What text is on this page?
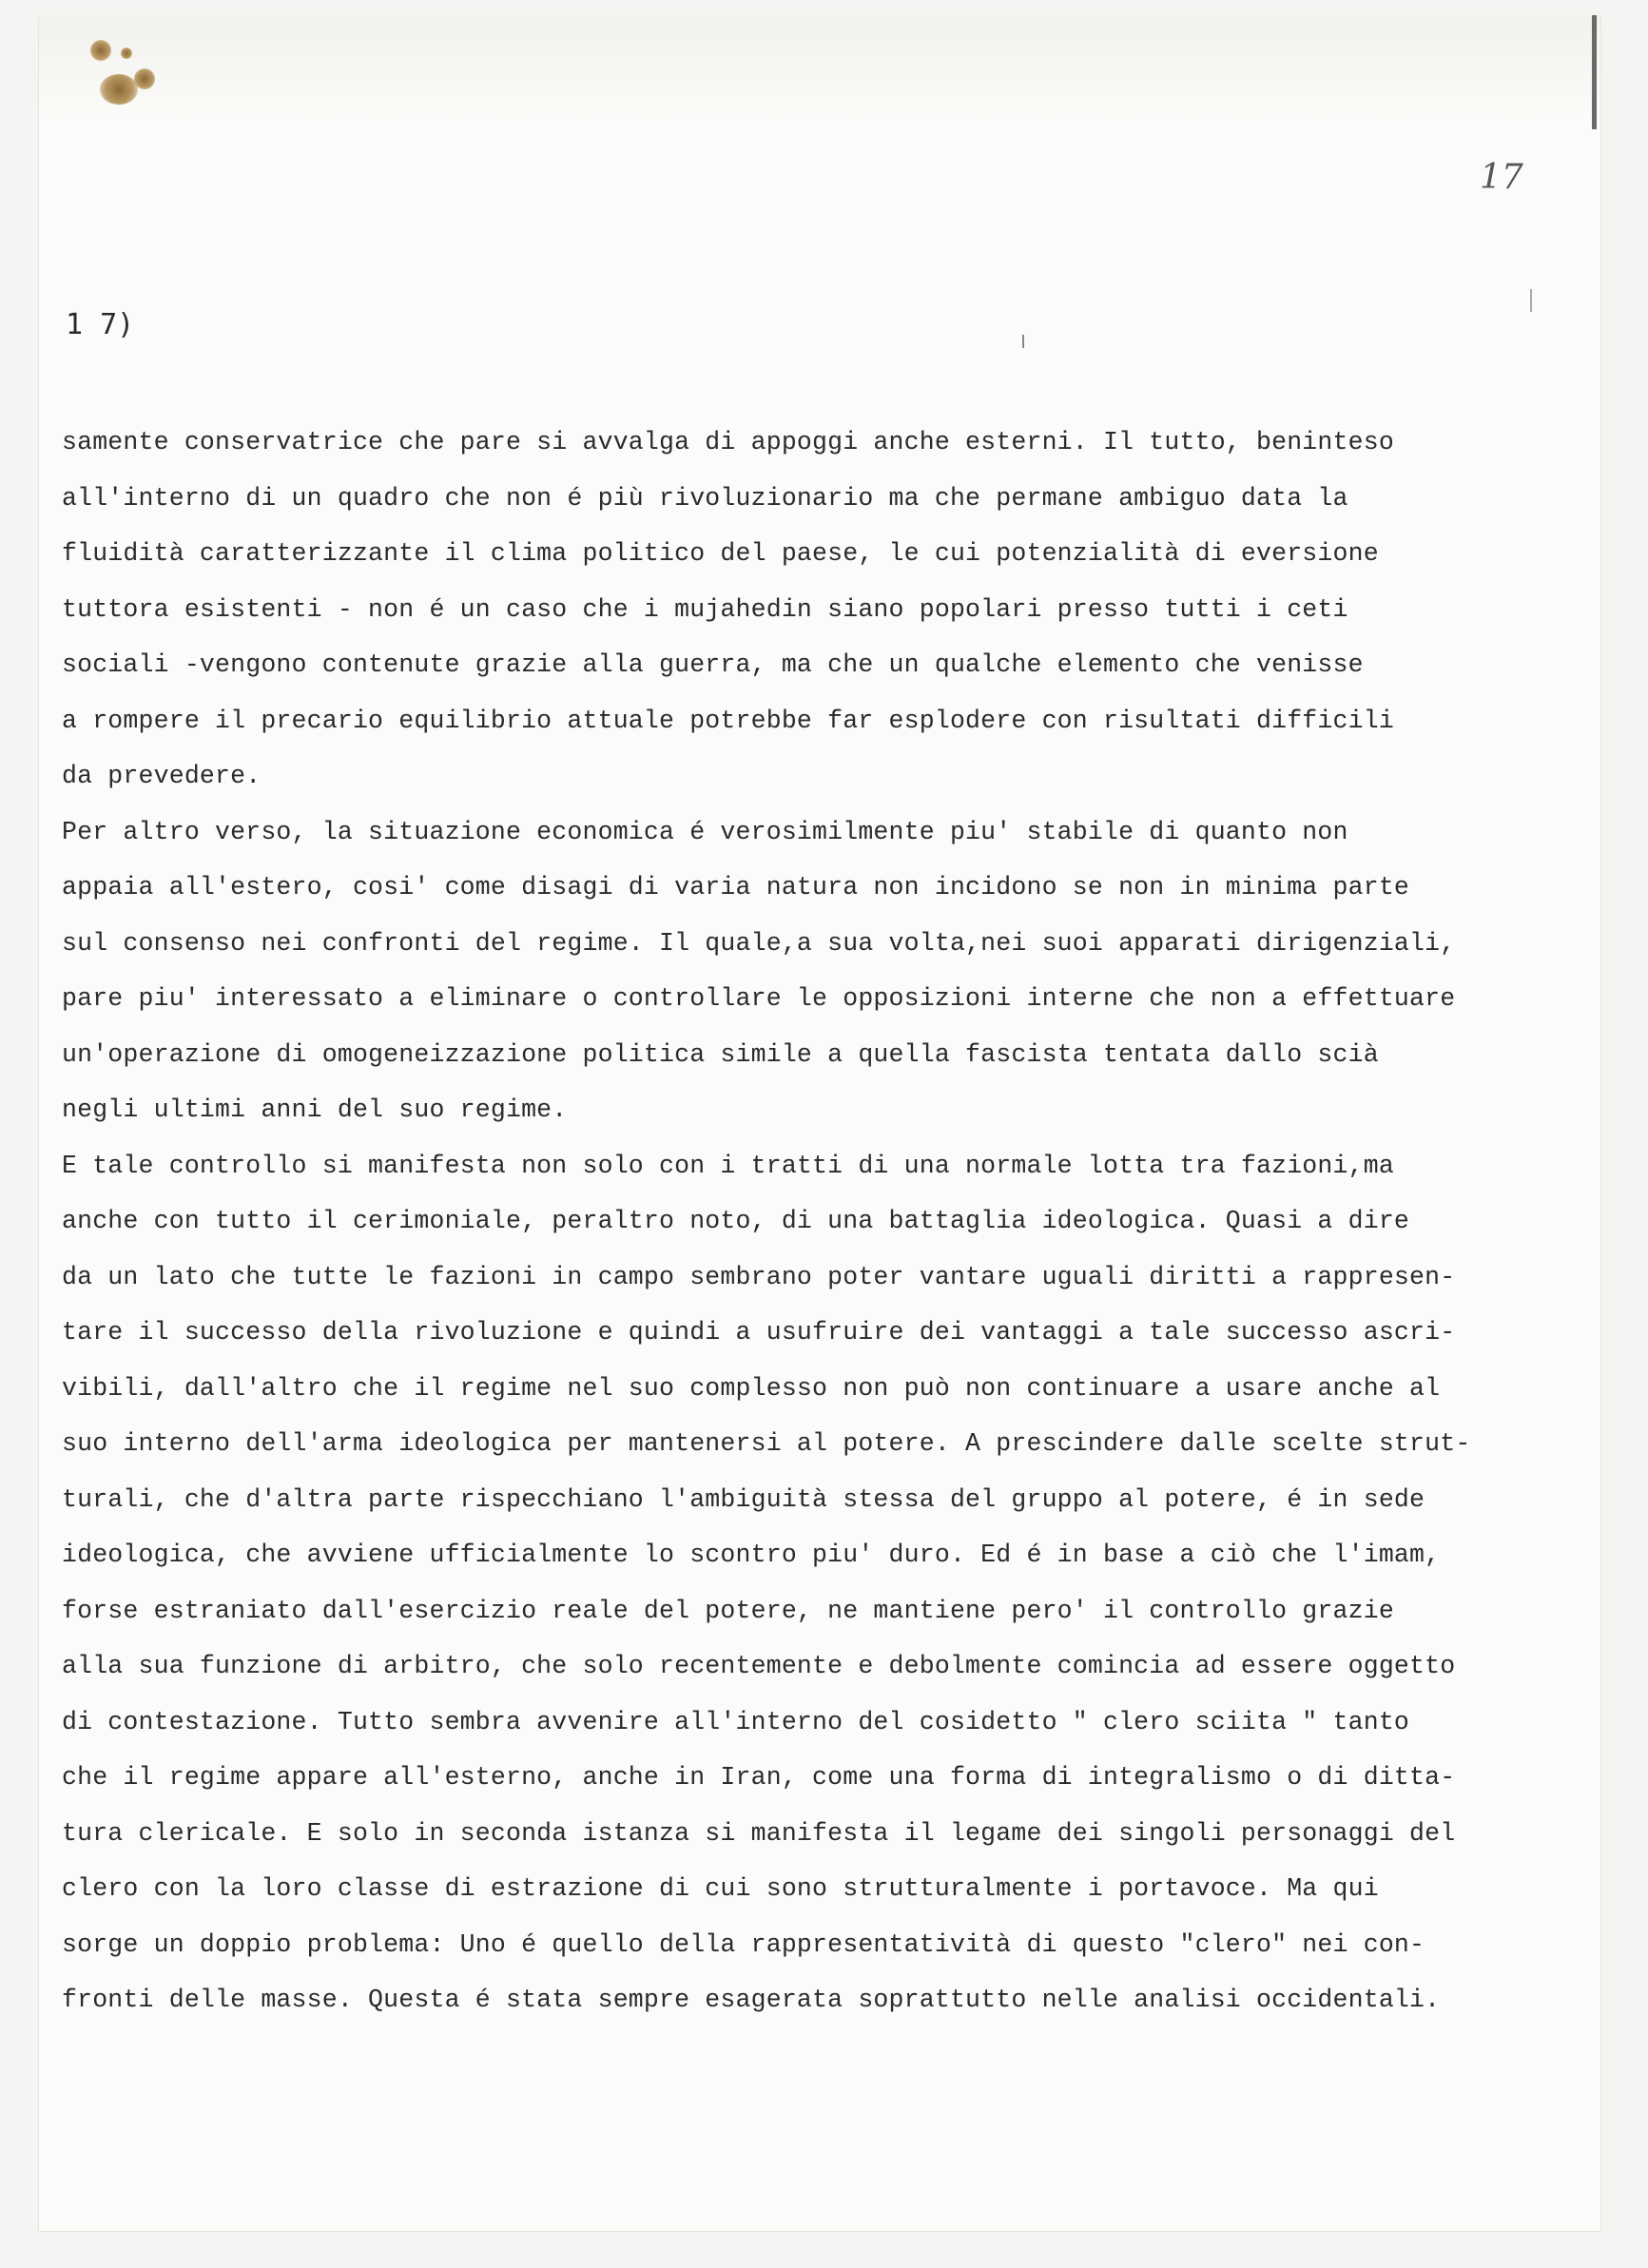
17
1 7)
samente conservatrice che pare si avvalga di appoggi anche esterni. Il tutto, beninteso
all'interno di un quadro che non é più rivoluzionario ma che permane ambiguo data la
fluidità caratterizzante il clima politico del paese, le cui potenzialità di eversione
tuttora esistenti - non é un caso che i mujahedin siano popolari presso tutti i ceti
sociali -vengono contenute grazie alla guerra, ma che un qualche elemento che venisse
a rompere il precario equilibrio attuale potrebbe far esplodere con risultati difficili
da prevedere.
Per altro verso, la situazione economica é verosimilmente piu' stabile di quanto non
appaia all'estero, cosi' come disagi di varia natura non incidono se non in minima parte
sul consenso nei confronti del regime. Il quale,a sua volta,nei suoi apparati dirigenziali,
pare piu' interessato a eliminare o controllare le opposizioni interne che non a effettuare
un'operazione di omogeneizzazione politica simile a quella fascista tentata dallo scià
negli ultimi anni del suo regime.
E tale controllo si manifesta non solo con i tratti di una normale lotta tra fazioni,ma
anche con tutto il cerimoniale, peraltro noto, di una battaglia ideologica. Quasi a dire
da un lato che tutte le fazioni in campo sembrano poter vantare uguali diritti a rappresen-
tare il successo della rivoluzione e quindi a usufruire dei vantaggi a tale successo ascri-
vibili, dall'altro che il regime nel suo complesso non può non continuare a usare anche al
suo interno dell'arma ideologica per mantenersi al potere. A prescindere dalle scelte strut-
turali, che d'altra parte rispecchiano l'ambiguità stessa del gruppo al potere, é in sede
ideologica, che avviene ufficialmente lo scontro piu' duro. Ed é in base a ciò che l'imam,
forse estraniato dall'esercizio reale del potere, ne mantiene pero' il controllo grazie
alla sua funzione di arbitro, che solo recentemente e debolmente comincia ad essere oggetto
di contestazione. Tutto sembra avvenire all'interno del cosidetto " clero sciita " tanto
che il regime appare all'esterno, anche in Iran, come una forma di integralismo o di ditta-
tura clericale. E solo in seconda istanza si manifesta il legame dei singoli personaggi del
clero con la loro classe di estrazione di cui sono strutturalmente i portavoce. Ma qui
sorge un doppio problema: Uno é quello della rappresentatività di questo "clero" nei con-
fronti delle masse. Questa é stata sempre esagerata soprattutto nelle analisi occidentali.
